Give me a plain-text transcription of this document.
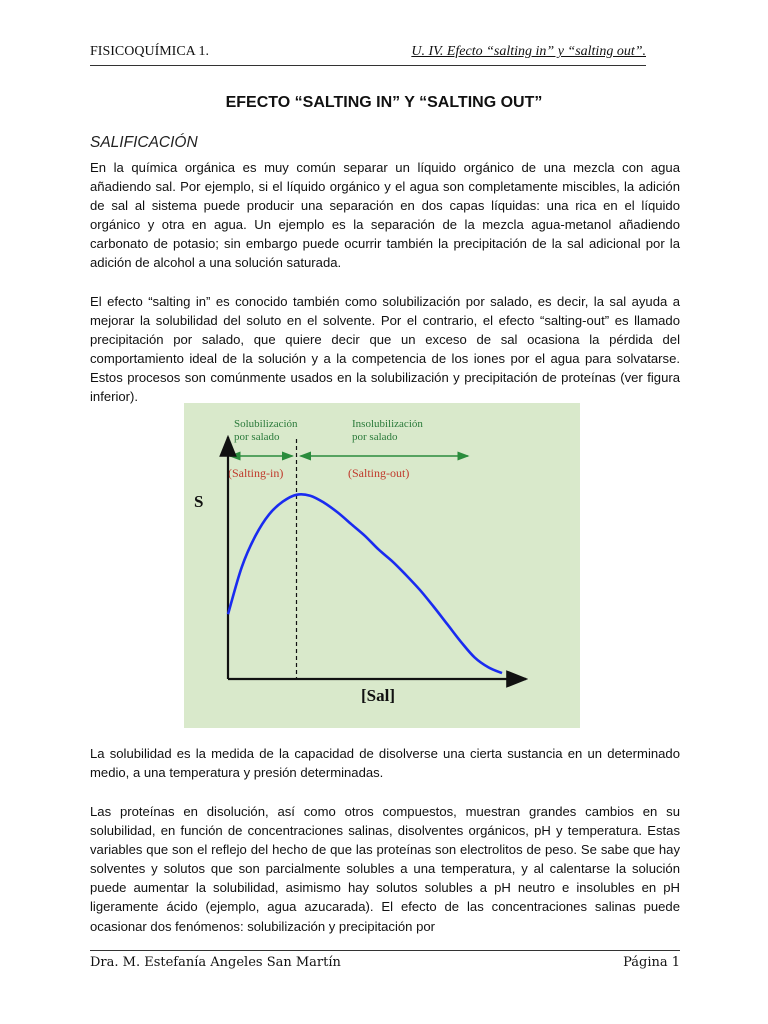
FISICOQUÍMICA 1.	U. IV. Efecto “salting in” y “salting out”.
EFECTO “SALTING IN” Y “SALTING OUT”
SALIFICACIÓN
En la química orgánica es muy común separar un líquido orgánico de una mezcla con agua añadiendo sal. Por ejemplo, si el líquido orgánico y el agua son completamente miscibles, la adición de sal al sistema puede producir una separación en dos capas líquidas: una rica en el líquido orgánico y otra en agua. Un ejemplo es la separación de la mezcla agua-metanol añadiendo carbonato de potasio; sin embargo puede ocurrir también la precipitación de la sal adicional por la adición de alcohol a una solución saturada.
El efecto “salting in” es conocido también como solubilización por salado, es decir, la sal ayuda a mejorar la solubilidad del soluto en el solvente. Por el contrario, el efecto “salting-out” es llamado precipitación por salado, que quiere decir que un exceso de sal ocasiona la pérdida del comportamiento ideal de la solución y a la competencia de los iones por el agua para solvatarse. Estos procesos son comúnmente usados en la solubilización y precipitación de proteínas (ver figura inferior).
Solubilización
por salado
Insolubilización
por salado
(Salting-in)	(Salting-out)
S
[Sal]
La solubilidad es la medida de la capacidad de disolverse una cierta sustancia en un determinado medio, a una temperatura y presión determinadas.
Las proteínas en disolución, así como otros compuestos, muestran grandes cambios en su solubilidad, en función de concentraciones salinas, disolventes orgánicos, pH y temperatura. Estas variables que son el reflejo del hecho de que las proteínas son electrolitos de peso. Se sabe que hay solventes y solutos que son parcialmente solubles a una temperatura, y al calentarse la solución puede aumentar la solubilidad, asimismo hay solutos solubles a pH neutro e insolubles en pH ligeramente ácido (ejemplo, agua azucarada). El efecto de las concentraciones salinas puede ocasionar dos fenómenos: solubilización y precipitación por
Dra. M. Estefanía Angeles San Martín	Página 1
